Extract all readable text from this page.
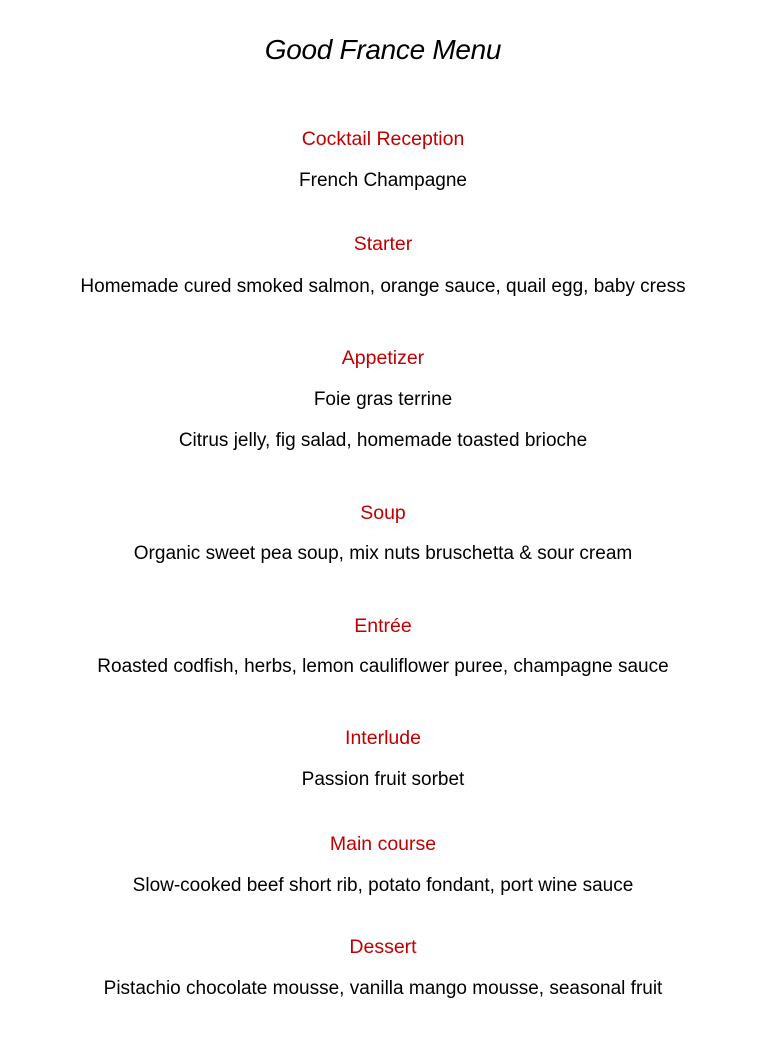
Good France Menu
Cocktail Reception
French Champagne
Starter
Homemade cured smoked salmon, orange sauce, quail egg, baby cress
Appetizer
Foie gras terrine
Citrus jelly, fig salad, homemade toasted brioche
Soup
Organic sweet pea soup, mix nuts bruschetta & sour cream
Entrée
Roasted codfish, herbs, lemon cauliflower puree, champagne sauce
Interlude
Passion fruit sorbet
Main course
Slow-cooked beef short rib, potato fondant, port wine sauce
Dessert
Pistachio chocolate mousse, vanilla mango mousse, seasonal fruit
